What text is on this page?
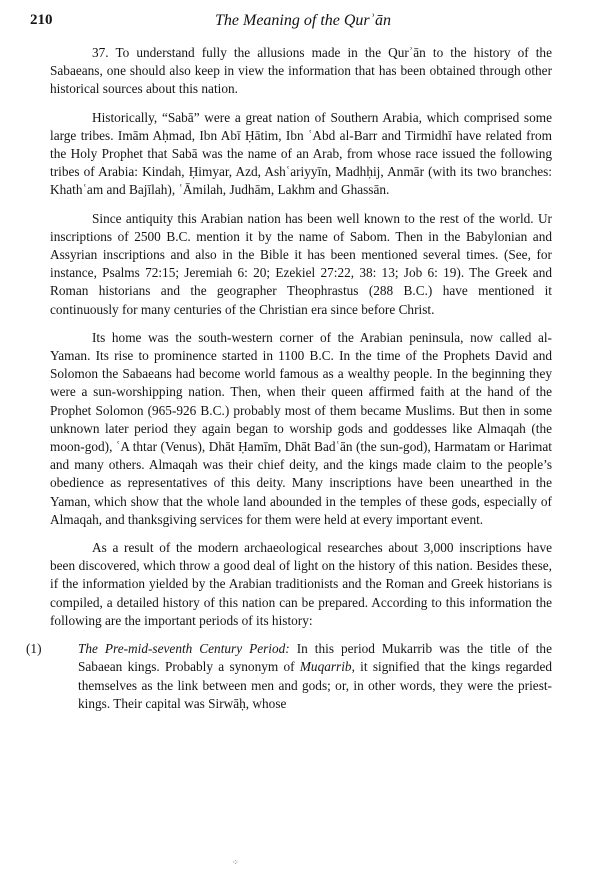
210	The Meaning of the Qurʾān

37. To understand fully the allusions made in the Qurʾān to the history of the Sabaeans, one should also keep in view the information that has been obtained through other historical sources about this nation.

Historically, “Sabā” were a great nation of Southern Arabia, which comprised some large tribes. Imām Aḥmad, Ibn Abī Ḥātim, Ibn ʿAbd al-Barr and Tirmidhī have related from the Holy Prophet that Sabā was the name of an Arab, from whose race issued the following tribes of Arabia: Kindah, Ḥimyar, Azd, Ashʿariyyīn, Madhḥij, Anmār (with its two branches: Khathʿam and Bajīlah), ʿĀmilah, Judhām, Lakhm and Ghassān.

Since antiquity this Arabian nation has been well known to the rest of the world. Ur inscriptions of 2500 B.C. mention it by the name of Sabom. Then in the Babylonian and Assyrian inscriptions and also in the Bible it has been mentioned several times. (See, for instance, Psalms 72:15; Jeremiah 6: 20; Ezekiel 27:22, 38: 13; Job 6: 19). The Greek and Roman historians and the geographer Theophrastus (288 B.C.) have mentioned it continuously for many centuries of the Christian era since before Christ.

Its home was the south-western corner of the Arabian peninsula, now called al-Yaman. Its rise to prominence started in 1100 B.C. In the time of the Prophets David and Solomon the Sabaeans had become world famous as a wealthy people. In the beginning they were a sun-worshipping nation. Then, when their queen affirmed faith at the hand of the Prophet Solomon (965-926 B.C.) probably most of them became Muslims. But then in some unknown later period they again began to worship gods and goddesses like Almaqah (the moon-god), ʿA thtar (Venus), Dhāt Ḥamīm, Dhāt Badʿān (the sun-god), Harmatam or Harimat and many others. Almaqah was their chief deity, and the kings made claim to the people’s obedience as representatives of this deity. Many inscriptions have been unearthed in the Yaman, which show that the whole land abounded in the temples of these gods, especially of Almaqah, and thanksgiving services for them were held at every important event.

As a result of the modern archaeological researches about 3,000 inscriptions have been discovered, which throw a good deal of light on the history of this nation. Besides these, if the information yielded by the Arabian traditionists and the Roman and Greek historians is compiled, a detailed history of this nation can be prepared. According to this information the following are the important periods of its history:

(1)	The Pre-mid-seventh Century Period: In this period Mukarrib was the title of the Sabaean kings. Probably a synonym of Muqarrib, it signified that the kings regarded themselves as the link between men and gods; or, in other words, they were the priest-kings. Their capital was Sirwāḥ, whose
⁘
